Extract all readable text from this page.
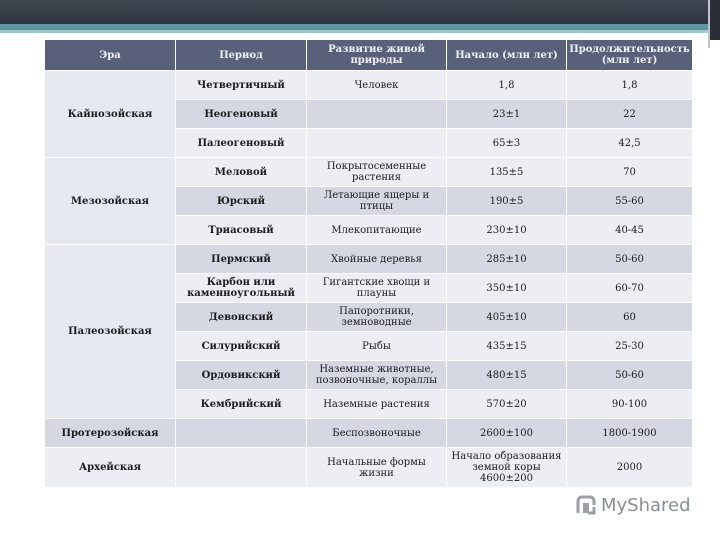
Эра	Период	Развитие живой природы	Начало (млн лет)	Продолжительность (млн лет)
Кайнозойская	Четвертичный	Человек	1,8	1,8
	Неогеновый		23±1	22
	Палеогеновый		65±3	42,5
Мезозойская	Меловой	Покрытосеменные растения	135±5	70
	Юрский	Летающие ящеры и птицы	190±5	55-60
	Триасовый	Млекопитающие	230±10	40-45
Палеозойская	Пермский	Хвойные деревья	285±10	50-60
	Карбон или каменноугольный	Гигантские хвощи и плауны	350±10	60-70
	Девонский	Папоротники, земноводные	405±10	60
	Силурийский	Рыбы	435±15	25-30
	Ордовикский	Наземные животные, позвоночные, кораллы	480±15	50-60
	Кембрийский	Наземные растения	570±20	90-100
Протерозойская		Беспозвоночные	2600±100	1800-1900
Архейская		Начальные формы жизни	Начало образования земной коры 4600±200	2000
MyShared
